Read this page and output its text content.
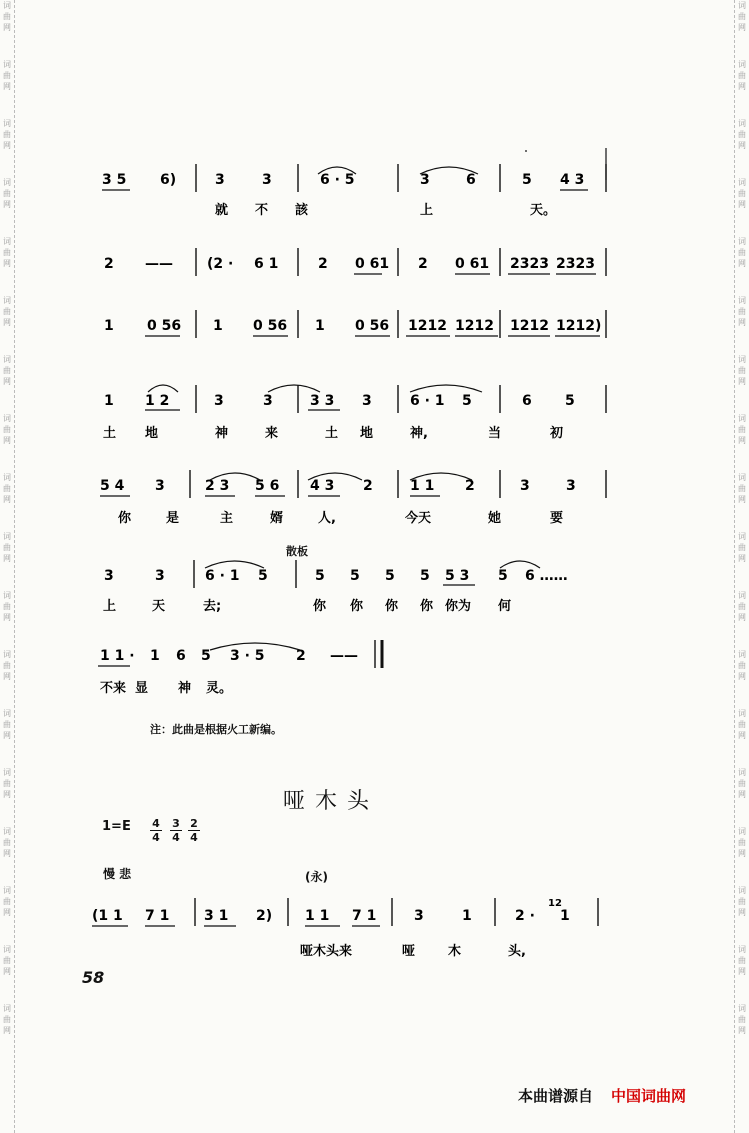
词
曲
网
词
曲
网
词
曲
网
词
曲
网
词
曲
网
词
曲
网
词
曲
网
词
曲
网
词
曲
网
词
曲
网
词
曲
网
词
曲
网
词
曲
网
词
曲
网
词
曲
网
词
曲
网
词
曲
网
词
曲
网
词
曲
网
词
曲
网
词
曲
网
词
曲
网
词
曲
网
词
曲
网
词
曲
网
词
曲
网
词
曲
网
词
曲
网
词
曲
网
词
曲
网
词
曲
网
词
曲
网
词
曲
网
词
曲
网
词
曲
网
词
曲
网
3 5 6)	3	3	6 · 5	3	6	5 4 3
就 不 該	上	天。
2 —— (2 · 6 1	2 0 61 2 0 61 2323 2323
1 0 56 1 0 56 1 0 56 1212 1212 1212 1212)
1 1 2	3	3	3 3 3	6 · 1 5	6 5
土 地	神	来	土 地	神,	当	初
5 4 3	2 3 5 6 4 3 2	1 1 2	3	3
你	是	主	婿	人,	今天	她	要
3	3	6 · 1 5	5 5 5 5 5 3 5 6 ……
上	天	去;	你 你 你 你 你为 何
1 1 · 1 6 5 3 · 5 2 ——
不来 显 神 灵。
(1 1 7 1 3 1 2) 1 1 7 1	3	1	2 · 1
12
哑木头来	哑	木	头,
散板
注：此曲是根据火工新编。
哑木头
$1=E \frac{4}{4} \frac{3}{4} \frac{2}{4}$
慢 悲	(永)
58
本曲谱源自 中国词曲网
